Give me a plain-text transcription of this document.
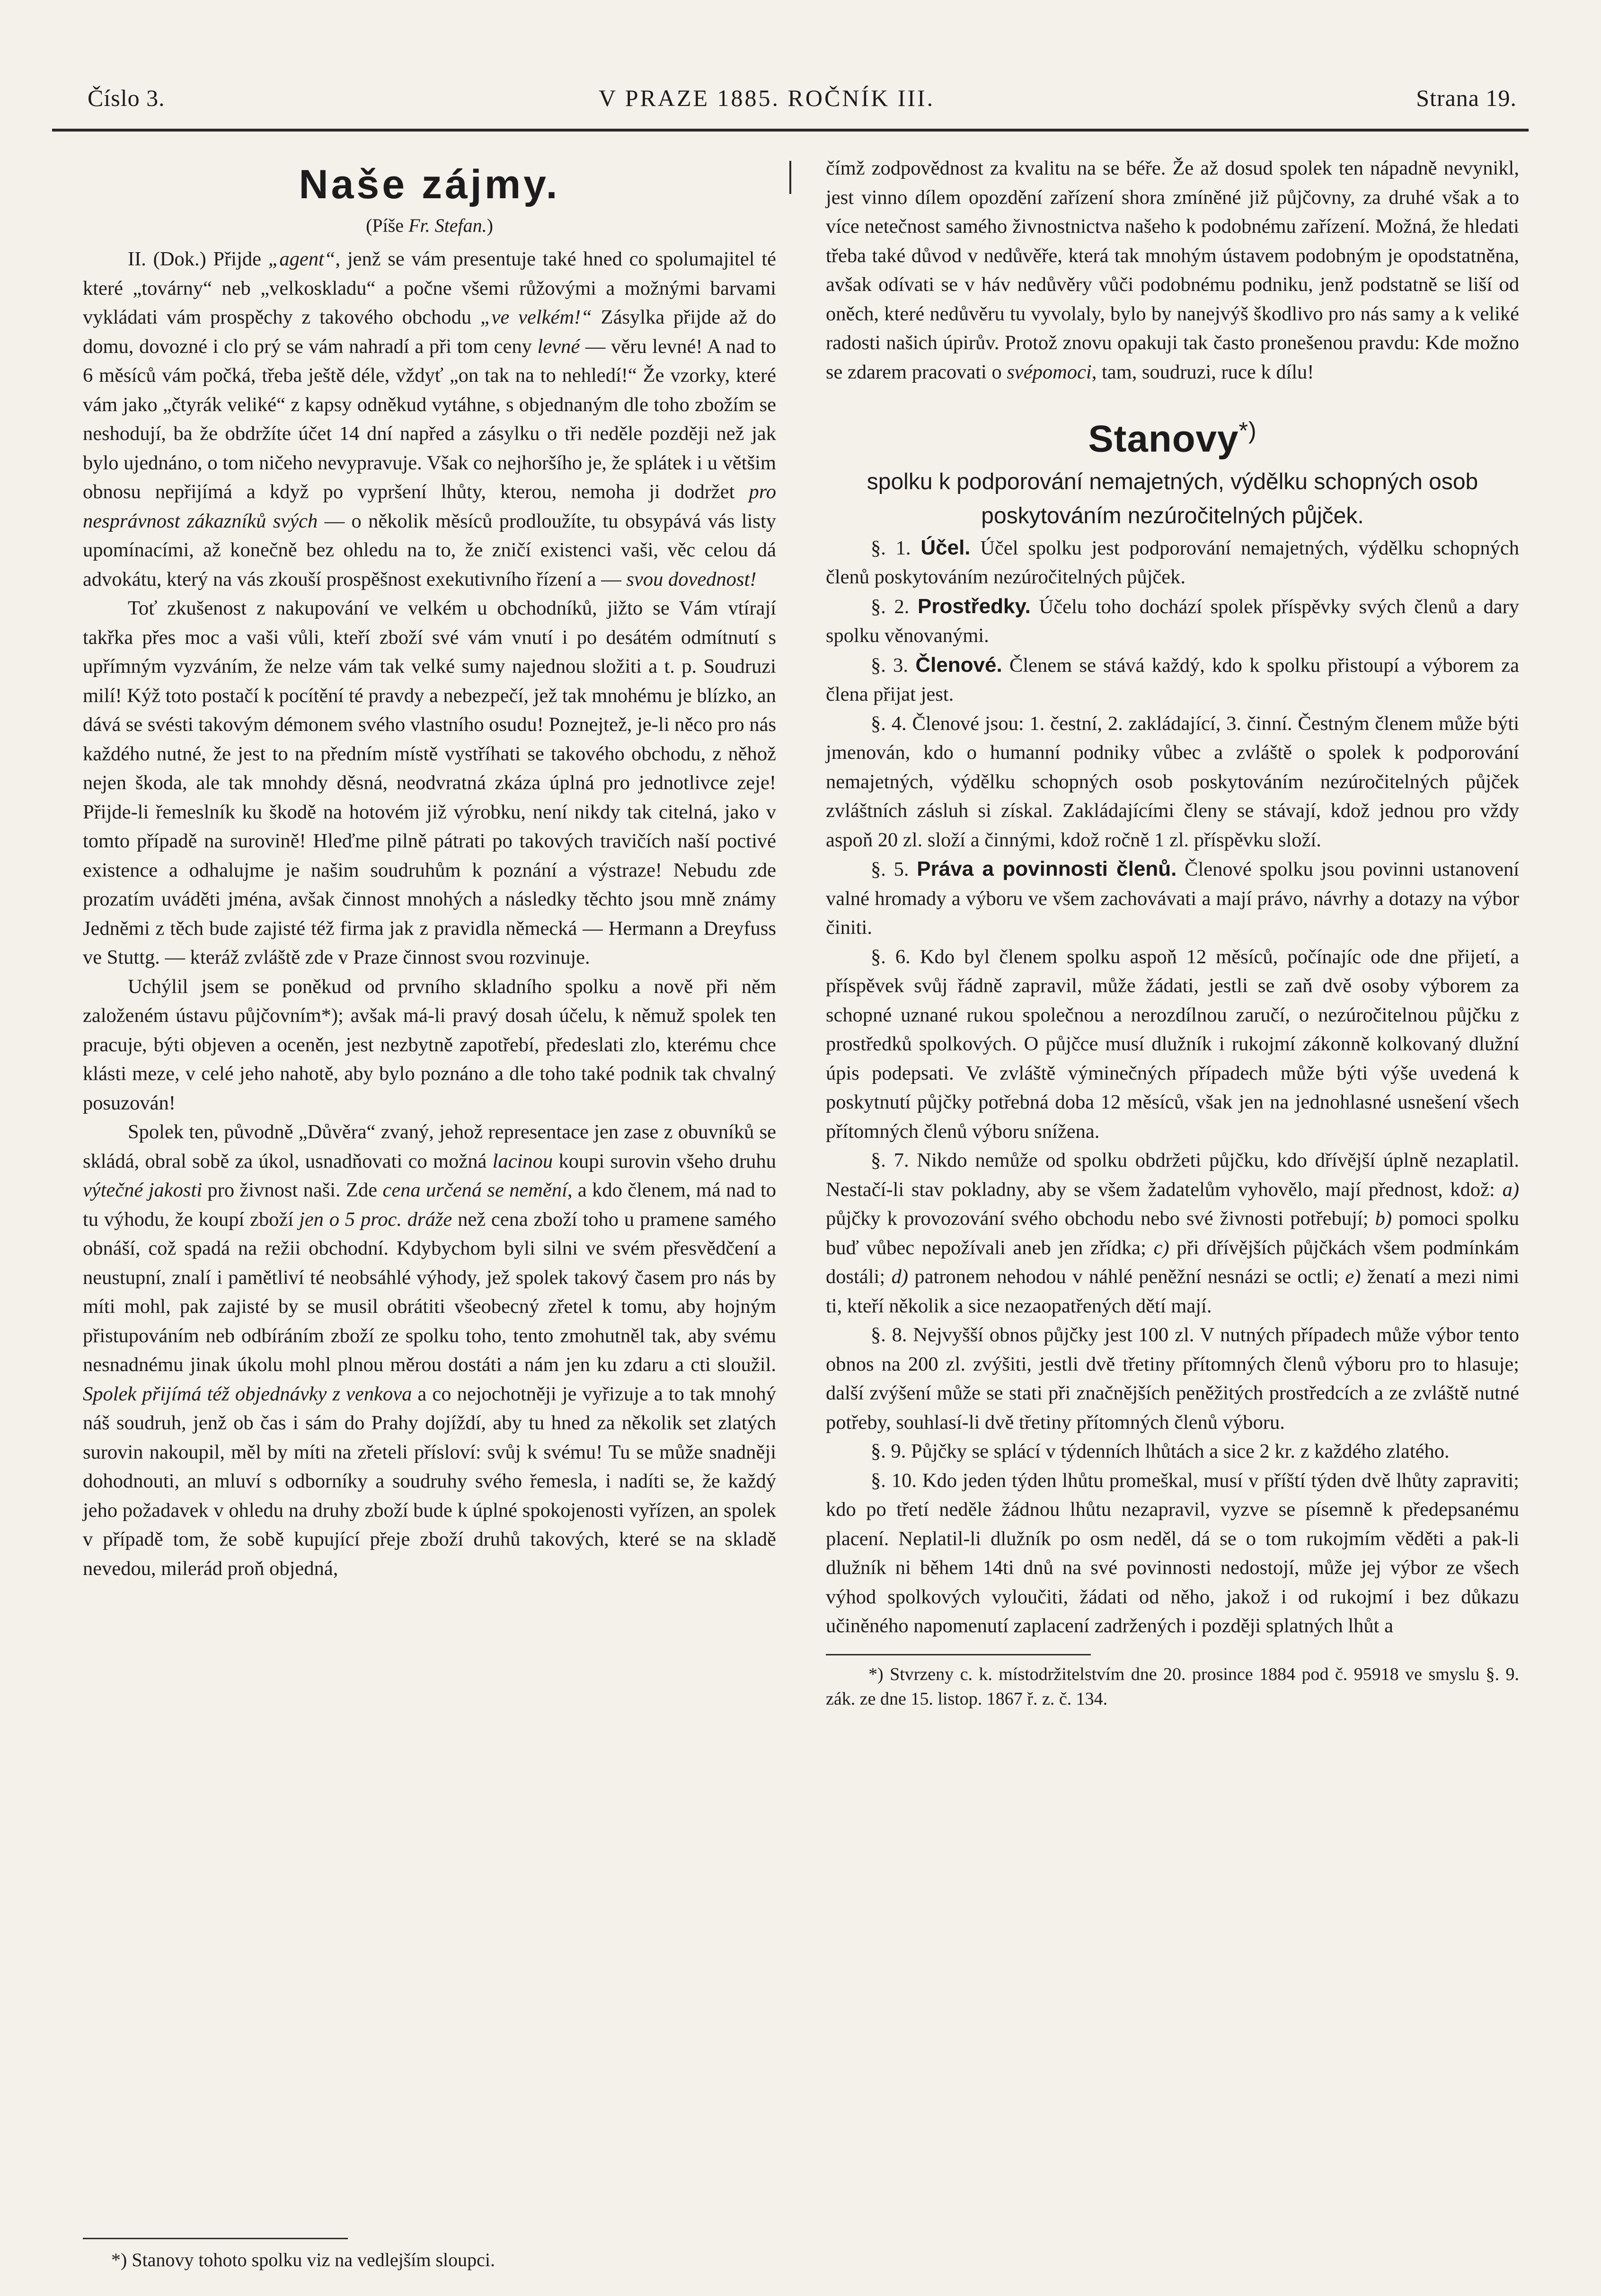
Číslo 3.	V PRAZE 1885. ROČNÍK III.	Strana 19.
Naše zájmy.
(Píše Fr. Stefan.)

II. (Dok.) Přijde „agent“, jenž se vám presentuje také hned co spolumajitel té které „továrny“ neb „velkoskladu“ a počne všemi růžovými a možnými barvami vykládati vám prospěchy z takového obchodu „ve velkém!“ Zásylka přijde až do domu, dovozné i clo prý se vám nahradí a při tom ceny levné — věru levné! A nad to 6 měsíců vám počká, třeba ještě déle, vždyť „on tak na to nehledí!“ Že vzorky, které vám jako „čtyrák veliké“ z kapsy odněkud vytáhne, s objednaným dle toho zbožím se neshodují, ba že obdržíte účet 14 dní napřed a zásylku o tři neděle později než jak bylo ujednáno, o tom ničeho nevypravuje. Však co nejhoršího je, že splátek i u většim obnosu nepřijímá a když po vypršení lhůty, kterou, nemoha ji dodržet pro nesprávnost zákazníků svých — o několik měsíců prodloužíte, tu obsypává vás listy upomínacími, až konečně bez ohledu na to, že zničí existenci vaši, věc celou dá advokátu, který na vás zkouší prospěšnost exekutivního řízení a — svou dovednost!

Toť zkušenost z nakupování ve velkém u obchodníků, jižto se Vám vtírají takřka přes moc a vaši vůli, kteří zboží své vám vnutí i po desátém odmítnutí s upřímným vyzváním, že nelze vám tak velké sumy najednou složiti a t. p. Soudruzi milí! Kýž toto postačí k pocítění té pravdy a nebezpečí, jež tak mnohému je blízko, an dává se svésti takovým démonem svého vlastního osudu! Poznejtež, je-li něco pro nás každého nutné, že jest to na předním místě vystříhati se takového obchodu, z něhož nejen škoda, ale tak mnohdy děsná, neodvratná zkáza úplná pro jednotlivce zeje! Přijde-li řemeslník ku škodě na hotovém již výrobku, není nikdy tak citelná, jako v tomto případě na surovině! Hleďme pilně pátrati po takových travičích naší poctivé existence a odhalujme je našim soudruhům k poznání a výstraze! Nebudu zde prozatím uváděti jména, avšak činnost mnohých a následky těchto jsou mně známy Jedněmi z těch bude zajisté též firma jak z pravidla německá — Hermann a Dreyfuss ve Stuttg. — kteráž zvláště zde v Praze činnost svou rozvinuje.

Uchýlil jsem se poněkud od prvního skladního spolku a nově při něm založeném ústavu půjčovním*); avšak má-li pravý dosah účelu, k němuž spolek ten pracuje, býti objeven a oceněn, jest nezbytně zapotřebí, předeslati zlo, kterému chce klásti meze, v celé jeho nahotě, aby bylo poznáno a dle toho také podnik tak chvalný posuzován!

Spolek ten, původně „Důvěra“ zvaný, jehož representace jen zase z obuvníků se skládá, obral sobě za úkol, usnadňovati co možná lacinou koupi surovin všeho druhu výtečné jakosti pro živnost naši. Zde cena určená se nemění, a kdo členem, má nad to tu výhodu, že koupí zboží jen o 5 proc. dráže než cena zboží toho u pramene samého obnáší, což spadá na režii obchodní. Kdybychom byli silni ve svém přesvědčení a neustupní, znalí i pamětliví té neobsáhlé výhody, jež spolek takový časem pro nás by míti mohl, pak zajisté by se musil obrátiti všeobecný zřetel k tomu, aby hojným přistupováním neb odbíráním zboží ze spolku toho, tento zmohutněl tak, aby svému nesnadnému jinak úkolu mohl plnou měrou dostáti a nám jen ku zdaru a cti sloužil. Spolek přijímá též objednávky z venkova a co nejochotněji je vyřizuje a to tak mnohý náš soudruh, jenž ob čas i sám do Prahy dojíždí, aby tu hned za několik set zlatých surovin nakoupil, měl by míti na zřeteli přísloví: svůj k svému! Tu se může snadněji dohodnouti, an mluví s odborníky a soudruhy svého řemesla, i nadíti se, že každý jeho požadavek v ohledu na druhy zboží bude k úplné spokojenosti vyřízen, an spolek v případě tom, že sobě kupující přeje zboží druhů takových, které se na skladě nevedou, milerád proň objedná,

*) Stanovy tohoto spolku viz na vedlejším sloupci.

čímž zodpovědnost za kvalitu na se béře. Že až dosud spolek ten nápadně nevynikl, jest vinno dílem opozdění zařízení shora zmíněné již půjčovny, za druhé však a to více netečnost samého živnostnictva našeho k podobnému zařízení. Možná, že hledati třeba také důvod v nedůvěře, která tak mnohým ústavem podobným je opodstatněna, avšak odívati se v háv nedůvěry vůči podobnému podniku, jenž podstatně se liší od oněch, které nedůvěru tu vyvolaly, bylo by nanejvýš škodlivo pro nás samy a k veliké radosti našich úpirův. Protož znovu opakuji tak často pronešenou pravdu: Kde možno se zdarem pracovati o svépomoci, tam, soudruzi, ruce k dílu!

Stanovy*)
spolku k podporování nemajetných, výdělku schopných osob
poskytováním nezúročitelných půjček.

§. 1. Účel. Účel spolku jest podporování nemajetných, výdělku schopných členů poskytováním nezúročitelných půjček.

§. 2. Prostředky. Účelu toho dochází spolek příspěvky svých členů a dary spolku věnovanými.

§. 3. Členové. Členem se stává každý, kdo k spolku přistoupí a výborem za člena přijat jest.

§. 4. Členové jsou: 1. čestní, 2. zakládající, 3. činní. Čestným členem může býti jmenován, kdo o humanní podniky vůbec a zvláště o spolek k podporování nemajetných, výdělku schopných osob poskytováním nezúročitelných půjček zvláštních zásluh si získal. Zakládajícími členy se stávají, kdož jednou pro vždy aspoň 20 zl. složí a činnými, kdož ročně 1 zl. příspěvku složí.

§. 5. Práva a povinnosti členů. Členové spolku jsou povinni ustanovení valné hromady a výboru ve všem zachovávati a mají právo, návrhy a dotazy na výbor činiti.

§. 6. Kdo byl členem spolku aspoň 12 měsíců, počínajíc ode dne přijetí, a příspěvek svůj řádně zapravil, může žádati, jestli se zaň dvě osoby výborem za schopné uznané rukou společnou a nerozdílnou zaručí, o nezúročitelnou půjčku z prostředků spolkových. O půjčce musí dlužník i rukojmí zákonně kolkovaný dlužní úpis podepsati. Ve zvláště výminečných případech může býti výše uvedená k poskytnutí půjčky potřebná doba 12 měsíců, však jen na jednohlasné usnešení všech přítomných členů výboru snížena.

§. 7. Nikdo nemůže od spolku obdržeti půjčku, kdo dřívější úplně nezaplatil. Nestačí-li stav pokladny, aby se všem žadatelům vyhovělo, mají přednost, kdož: a) půjčky k provozování svého obchodu nebo své živnosti potřebují; b) pomoci spolku buď vůbec nepožívali aneb jen zřídka; c) při dřívějších půjčkách všem podmínkám dostáli; d) patronem nehodou v náhlé peněžní nesnázi se octli; e) ženatí a mezi nimi ti, kteří několik a sice nezaopatřených dětí mají.

§. 8. Nejvyšší obnos půjčky jest 100 zl. V nutných případech může výbor tento obnos na 200 zl. zvýšiti, jestli dvě třetiny přítomných členů výboru pro to hlasuje; další zvýšení může se stati při značnějších peněžitých prostředcích a ze zvláště nutné potřeby, souhlasí-li dvě třetiny přítomných členů výboru.

§. 9. Půjčky se splácí v týdenních lhůtách a sice 2 kr. z každého zlatého.

§. 10. Kdo jeden týden lhůtu promeškal, musí v příští týden dvě lhůty zapraviti; kdo po třetí neděle žádnou lhůtu nezapravil, vyzve se písemně k předepsanému placení. Neplatil-li dlužník po osm neděl, dá se o tom rukojmím věděti a pak-li dlužník ni během 14ti dnů na své povinnosti nedostojí, může jej výbor ze všech výhod spolkových vyloučiti, žádati od něho, jakož i od rukojmí i bez důkazu učiněného napomenutí zaplacení zadržených i později splatných lhůt a

*) Stvrzeny c. k. místodržitelstvím dne 20. prosince 1884 pod č. 95918 ve smyslu §. 9. zák. ze dne 15. listop. 1867 ř. z. č. 134.
